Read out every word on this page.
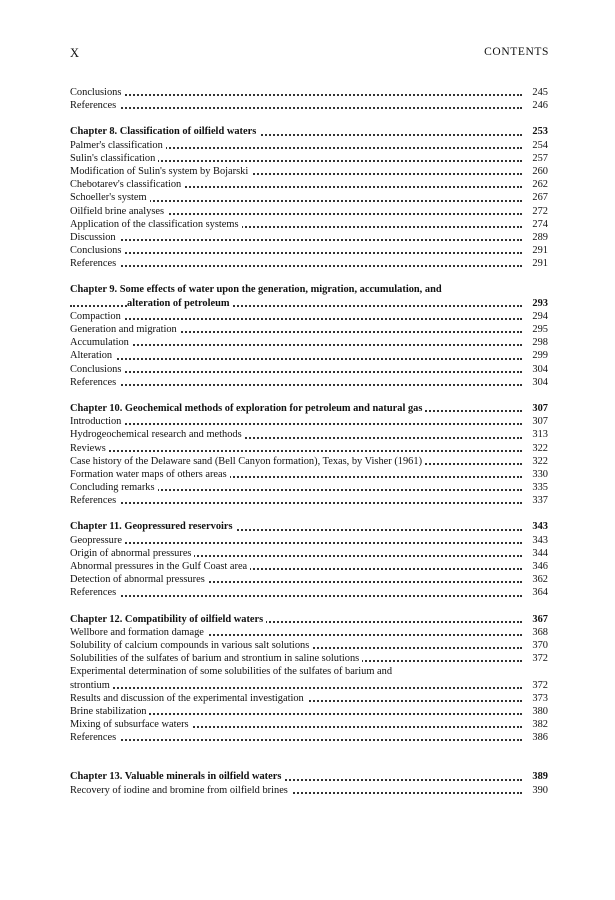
X	CONTENTS
Conclusions	245
References	246
Chapter 8. Classification of oilfield waters	253
Palmer's classification	254
Sulin's classification	257
Modification of Sulin's system by Bojarski	260
Chebotarev's classification	262
Schoeller's system	267
Oilfield brine analyses	272
Application of the classification systems	274
Discussion	289
Conclusions	291
References	291
Chapter 9. Some effects of water upon the generation, migration, accumulation, and
alteration of petroleum	293
Compaction	294
Generation and migration	295
Accumulation	298
Alteration	299
Conclusions	304
References	304
Chapter 10. Geochemical methods of exploration for petroleum and natural gas	307
Introduction	307
Hydrogeochemical research and methods	313
Reviews	322
Case history of the Delaware sand (Bell Canyon formation), Texas, by Visher (1961)	322
Formation water maps of others areas	330
Concluding remarks	335
References	337
Chapter 11. Geopressured reservoirs	343
Geopressure	343
Origin of abnormal pressures	344
Abnormal pressures in the Gulf Coast area	346
Detection of abnormal pressures	362
References	364
Chapter 12. Compatibility of oilfield waters	367
Wellbore and formation damage	368
Solubility of calcium compounds in various salt solutions	370
Solubilities of the sulfates of barium and strontium in saline solutions	372
Experimental determination of some solubilities of the sulfates of barium and
strontium	372
Results and discussion of the experimental investigation	373
Brine stabilization	380
Mixing of subsurface waters	382
References	386
Chapter 13. Valuable minerals in oilfield waters	389
Recovery of iodine and bromine from oilfield brines	390
